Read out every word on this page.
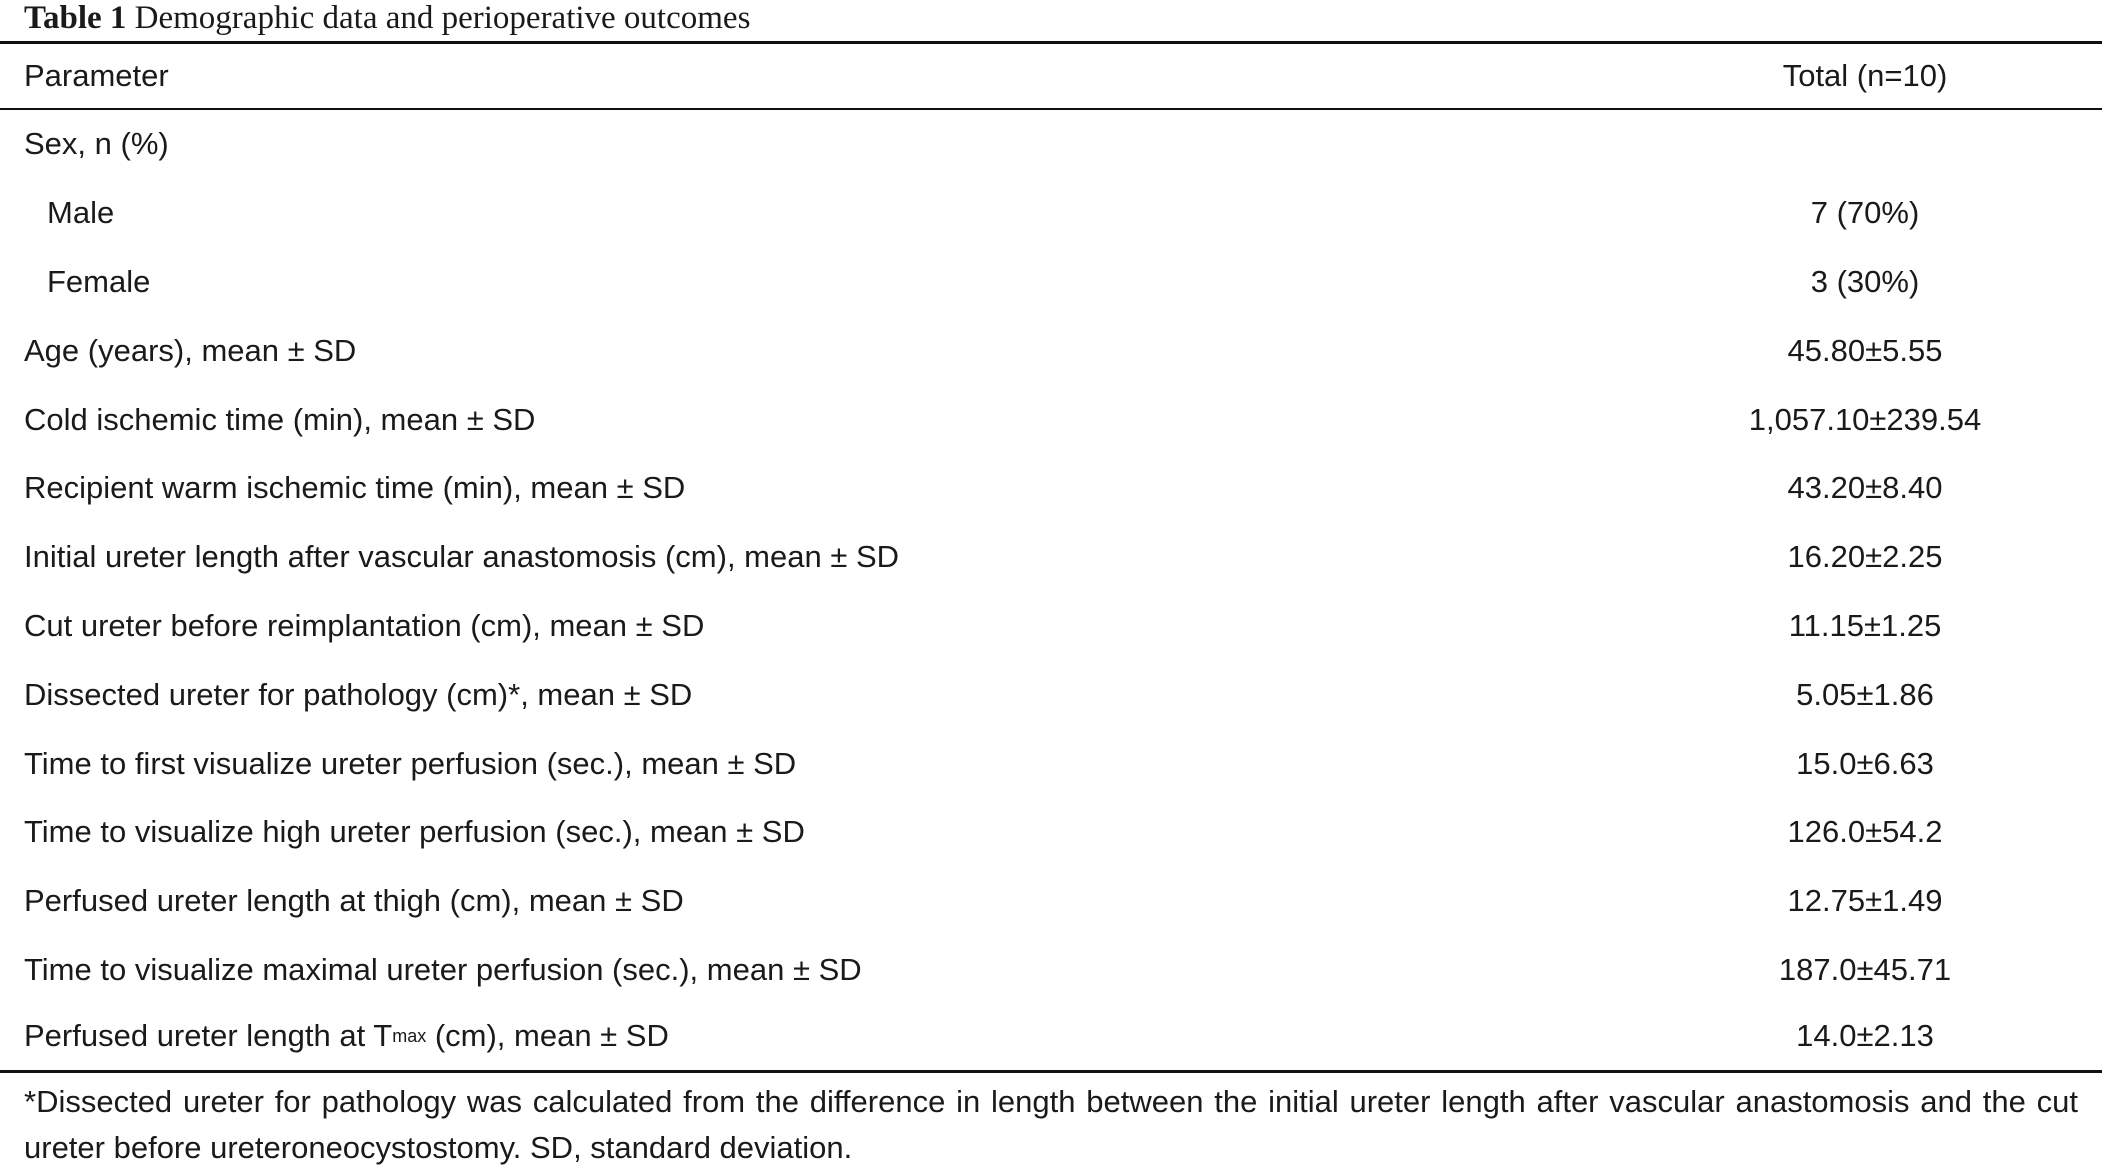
Table 1 Demographic data and perioperative outcomes
Parameter	Total (n=10)
Sex, n (%)
Male	7 (70%)
Female	3 (30%)
Age (years), mean ± SD	45.80±5.55
Cold ischemic time (min), mean ± SD	1,057.10±239.54
Recipient warm ischemic time (min), mean ± SD	43.20±8.40
Initial ureter length after vascular anastomosis (cm), mean ± SD	16.20±2.25
Cut ureter before reimplantation (cm), mean ± SD	11.15±1.25
Dissected ureter for pathology (cm)*, mean ± SD	5.05±1.86
Time to first visualize ureter perfusion (sec.), mean ± SD	15.0±6.63
Time to visualize high ureter perfusion (sec.), mean ± SD	126.0±54.2
Perfused ureter length at thigh (cm), mean ± SD	12.75±1.49
Time to visualize maximal ureter perfusion (sec.), mean ± SD	187.0±45.71
Perfused ureter length at T max (cm), mean ± SD	14.0±2.13
*Dissected ureter for pathology was calculated from the difference in length between the initial ureter length after vascular anastomosis and the cut ureter before ureteroneocystostomy. SD, standard deviation.
